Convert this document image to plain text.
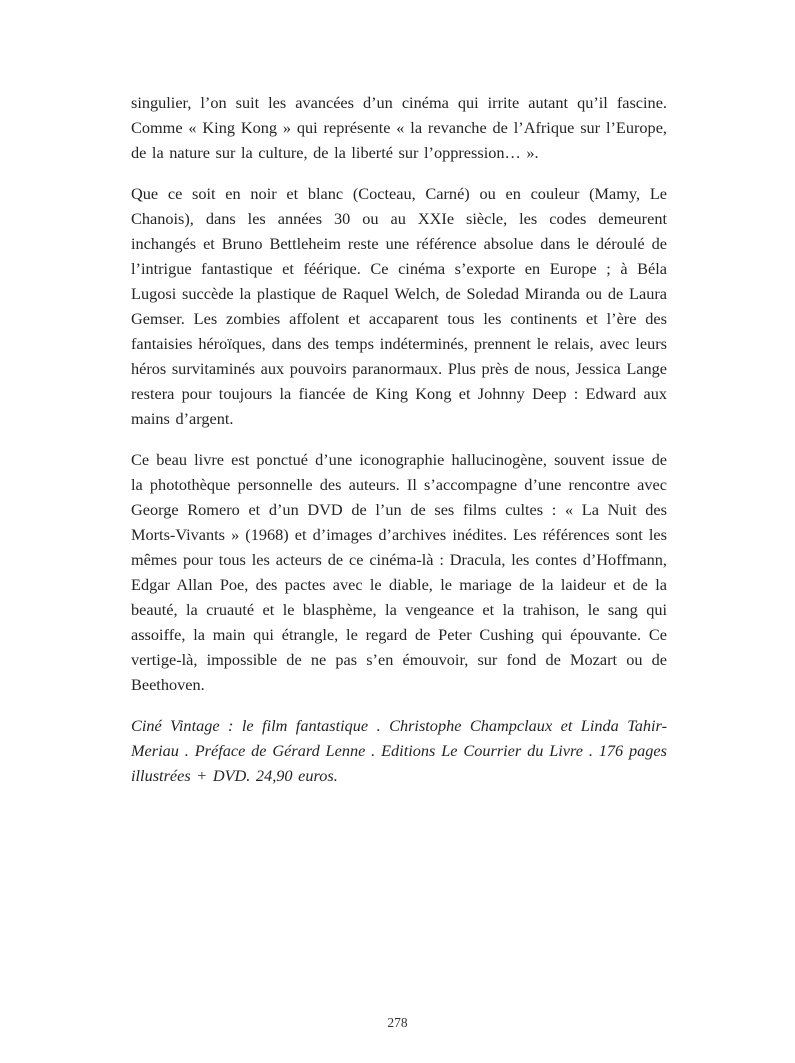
singulier, l’on suit les avancées d’un cinéma qui irrite autant qu’il fascine. Comme « King Kong » qui représente « la revanche de l’Afrique sur l’Europe, de la nature sur la culture, de la liberté sur l’oppression… ».

Que ce soit en noir et blanc (Cocteau, Carné) ou en couleur (Mamy, Le Chanois), dans les années 30 ou au XXIe siècle, les codes demeurent inchangés et Bruno Bettleheim reste une référence absolue dans le déroulé de l’intrigue fantastique et féérique. Ce cinéma s’exporte en Europe ; à Béla Lugosi succède la plastique de Raquel Welch, de Soledad Miranda ou de Laura Gemser. Les zombies affolent et accaparent tous les continents et l’ère des fantaisies héroïques, dans des temps indéterminés, prennent le relais, avec leurs héros survitaminés aux pouvoirs paranormaux. Plus près de nous, Jessica Lange restera pour toujours la fiancée de King Kong et Johnny Deep : Edward aux mains d’argent.

Ce beau livre est ponctué d’une iconographie hallucinogène, souvent issue de la photothèque personnelle des auteurs. Il s’accompagne d’une rencontre avec George Romero et d’un DVD de l’un de ses films cultes : « La Nuit des Morts-Vivants » (1968) et d’images d’archives inédites. Les références sont les mêmes pour tous les acteurs de ce cinéma-là : Dracula, les contes d’Hoffmann, Edgar Allan Poe, des pactes avec le diable, le mariage de la laideur et de la beauté, la cruauté et le blasphème, la vengeance et la trahison, le sang qui assoiffe, la main qui étrangle, le regard de Peter Cushing qui épouvante. Ce vertige-là, impossible de ne pas s’en émouvoir, sur fond de Mozart ou de Beethoven.

Ciné Vintage : le film fantastique . Christophe Champclaux et Linda Tahir-Meriau . Préface de Gérard Lenne . Editions Le Courrier du Livre . 176 pages illustrées + DVD. 24,90 euros.

278
